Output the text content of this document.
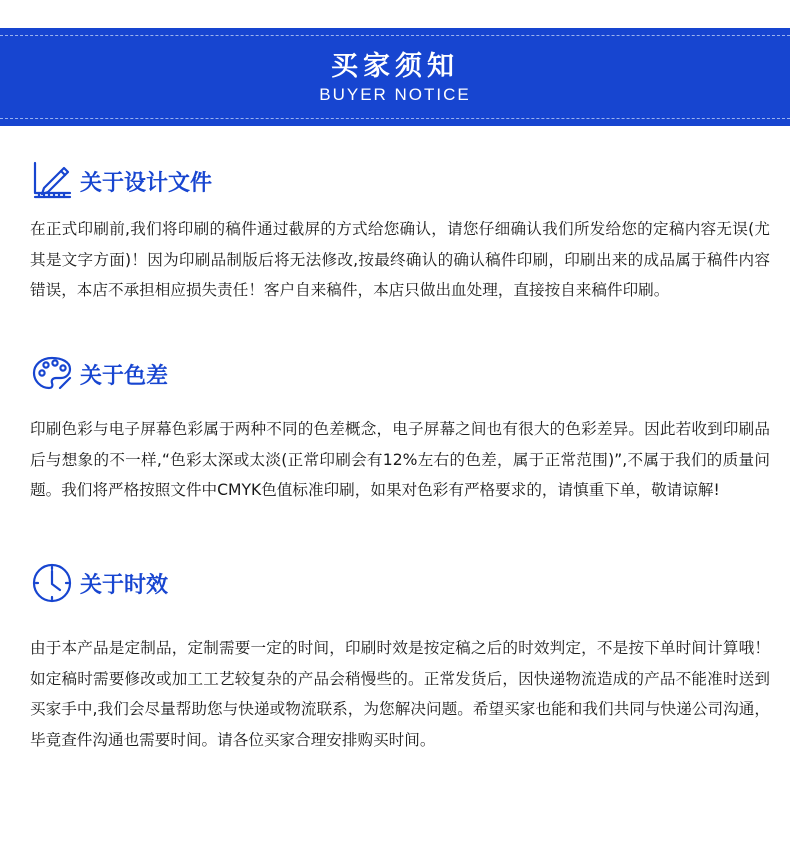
买家须知
BUYER NOTICE
关于设计文件

在正式印刷前,我们将印刷的稿件通过截屏的方式给您确认，请您仔细确认我们所发给您的定稿内容无误(尤其是文字方面)！因为印刷品制版后将无法修改,按最终确认的确认稿件印刷，印刷出来的成品属于稿件内容错误，本店不承担相应损失责任！客户自来稿件，本店只做出血处理，直接按自来稿件印刷。

关于色差

印刷色彩与电子屏幕色彩属于两种不同的色差概念，电子屏幕之间也有很大的色彩差异。因此若收到印刷品后与想象的不一样,“色彩太深或太淡(正常印刷会有12%左右的色差，属于正常范围)”,不属于我们的质量问题。我们将严格按照文件中CMYK色值标准印刷，如果对色彩有严格要求的，请慎重下单，敬请谅解!

关于时效

由于本产品是定制品，定制需要一定的时间，印刷时效是按定稿之后的时效判定，不是按下单时间计算哦！如定稿时需要修改或加工工艺较复杂的产品会稍慢些的。正常发货后，因快递物流造成的产品不能准时送到买家手中,我们会尽量帮助您与快递或物流联系，为您解决问题。希望买家也能和我们共同与快递公司沟通，毕竟查件沟通也需要时间。请各位买家合理安排购买时间。
